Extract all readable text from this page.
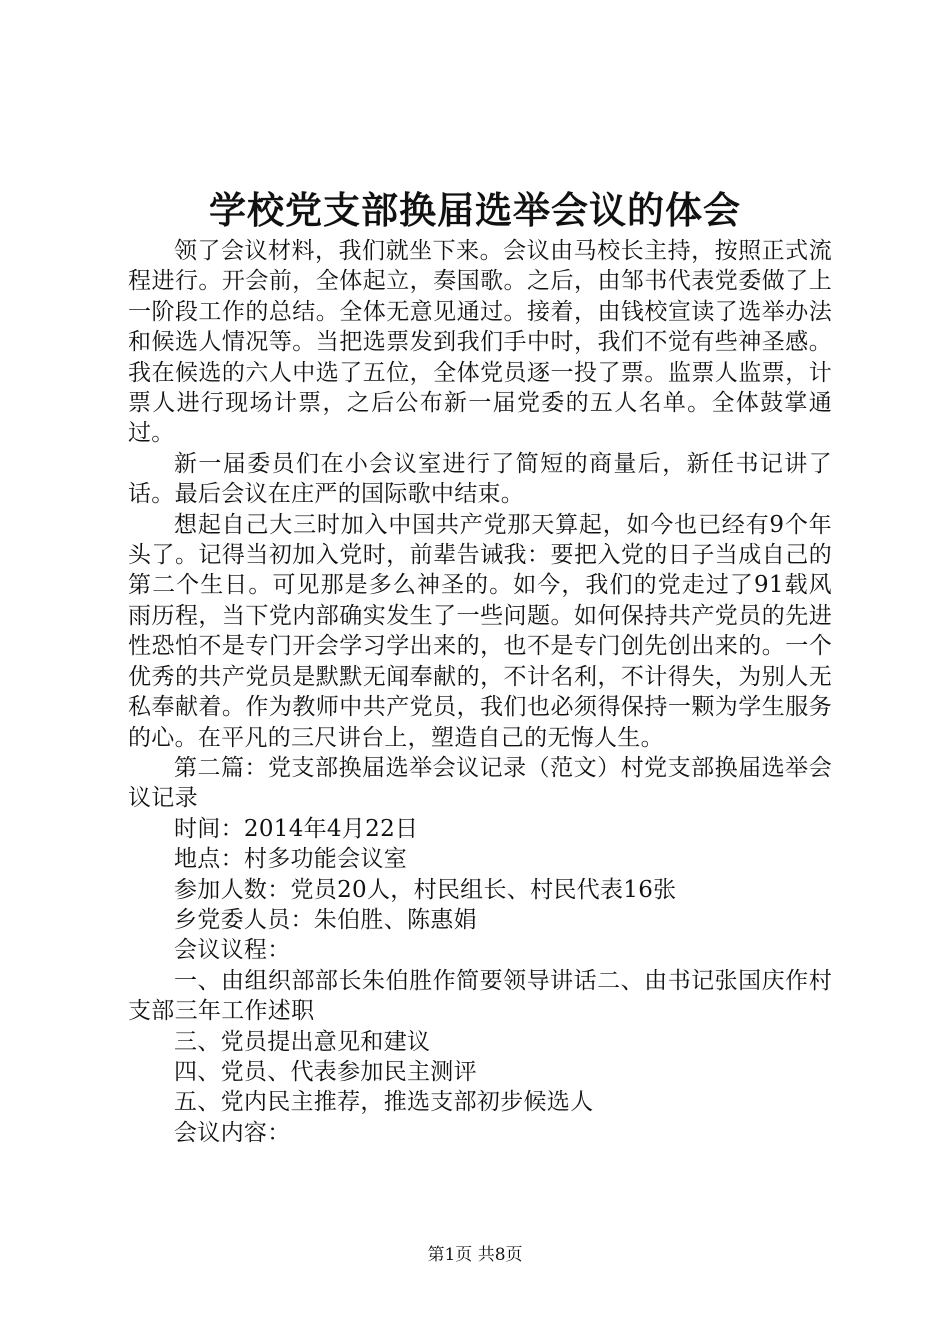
学校党支部换届选举会议的体会

领了会议材料，我们就坐下来。会议由马校长主持，按照正式流程进行。开会前，全体起立，奏国歌。之后，由邹书代表党委做了上一阶段工作的总结。全体无意见通过。接着，由钱校宣读了选举办法和候选人情况等。当把选票发到我们手中时，我们不觉有些神圣感。我在候选的六人中选了五位，全体党员逐一投了票。监票人监票，计票人进行现场计票，之后公布新一届党委的五人名单。全体鼓掌通过。

新一届委员们在小会议室进行了简短的商量后，新任书记讲了话。最后会议在庄严的国际歌中结束。

想起自己大三时加入中国共产党那天算起，如今也已经有9个年头了。记得当初加入党时，前辈告诫我：要把入党的日子当成自己的第二个生日。可见那是多么神圣的。如今，我们的党走过了91载风雨历程，当下党内部确实发生了一些问题。如何保持共产党员的先进性恐怕不是专门开会学习学出来的，也不是专门创先创出来的。一个优秀的共产党员是默默无闻奉献的，不计名利，不计得失，为别人无私奉献着。作为教师中共产党员，我们也必须得保持一颗为学生服务的心。在平凡的三尺讲台上，塑造自己的无悔人生。

第二篇：党支部换届选举会议记录（范文）村党支部换届选举会议记录

时间：2014年4月22日

地点：村多功能会议室

参加人数：党员20人，村民组长、村民代表16张

乡党委人员：朱伯胜、陈惠娟

会议议程：

一、由组织部部长朱伯胜作简要领导讲话二、由书记张国庆作村支部三年工作述职

三、党员提出意见和建议

四、党员、代表参加民主测评

五、党内民主推荐，推选支部初步候选人

会议内容：

第1页 共8页
